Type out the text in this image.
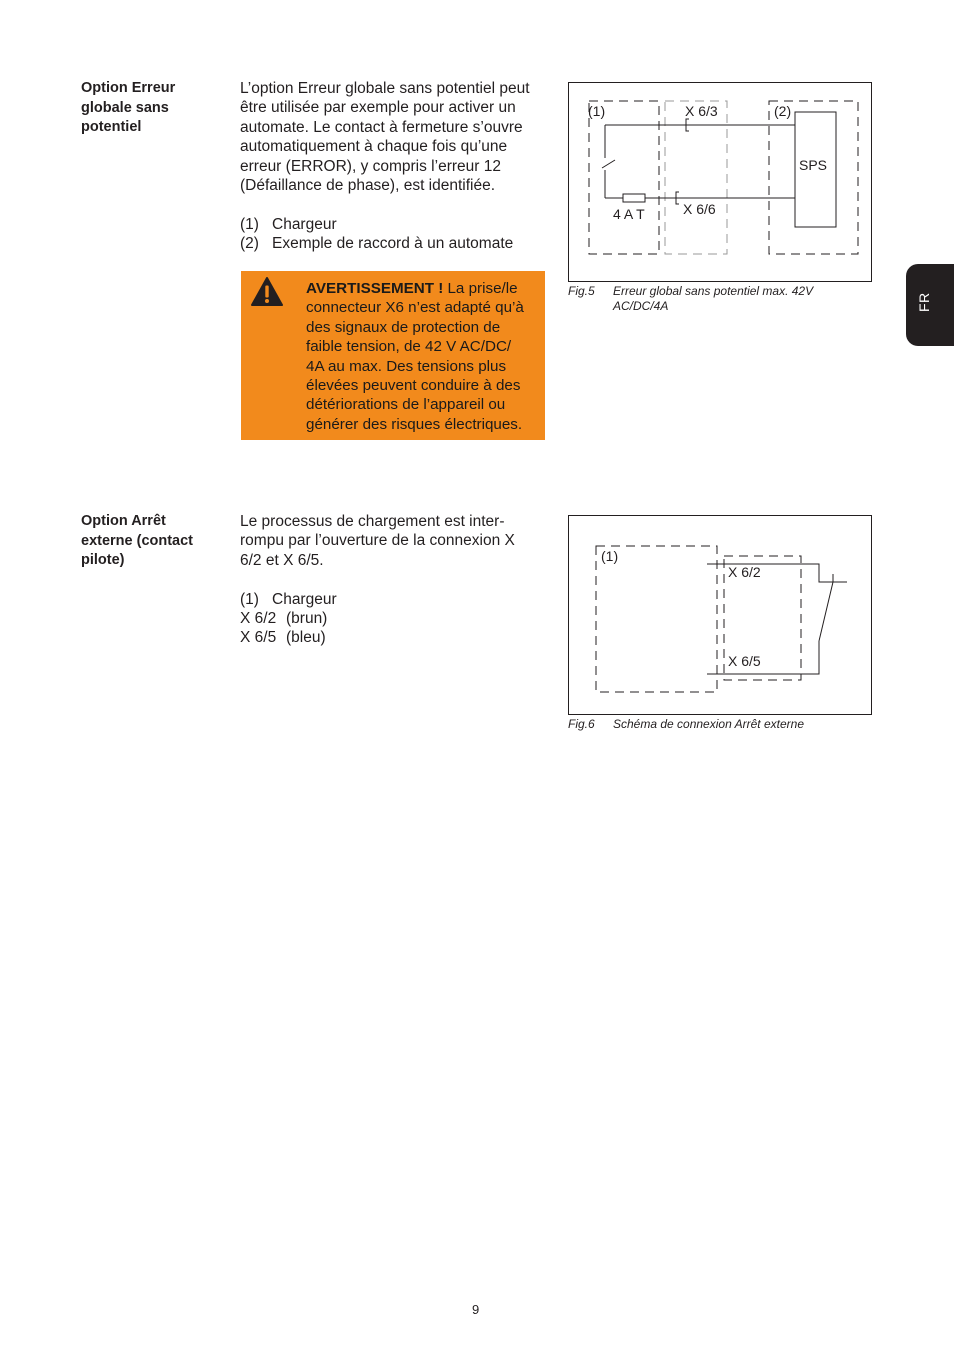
Option Erreur
globale sans
potentiel
L’option Erreur globale sans potentiel peut
être utilisée par exemple pour activer un
automate. Le contact à fermeture s’ouvre
automatiquement à chaque fois qu’une
erreur (ERROR), y compris l’erreur 12
(Défaillance de phase), est identifiée.
(1) Chargeur
(2) Exemple de raccord à un automate
AVERTISSEMENT ! La prise/le
connecteur X6 n’est adapté qu’à
des signaux de protection de
faible tension, de 42 V AC/DC/
4A au max. Des tensions plus
élevées peuvent conduire à des
détériorations de l’appareil ou
générer des risques électriques.
(1)	X 6/3	(2)
SPS
4 A T	X 6/6
Fig.5 Erreur global sans potentiel max. 42V
AC/DC/4A	FR
Option Arrêt
externe (contact
pilote)
Le processus de chargement est inter-
rompu par l’ouverture de la connexion X
6/2 et X 6/5.
(1) Chargeur
X 6/2 (brun)
X 6/5 (bleu)
(1)
X 6/2
X 6/5
Fig.6 Schéma de connexion Arrêt externe
9
